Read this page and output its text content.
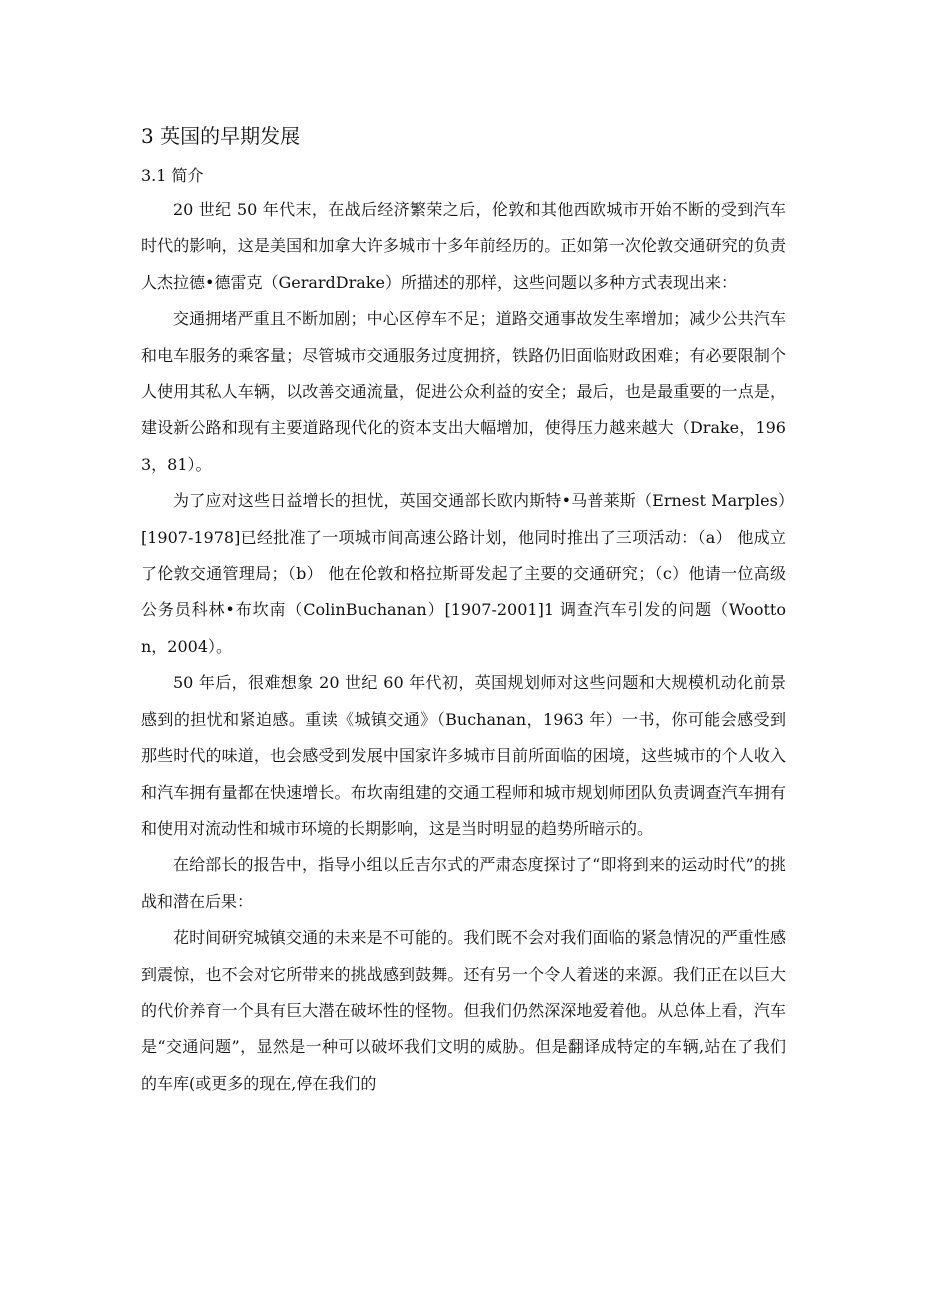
3 英国的早期发展
3.1 简介

20 世纪 50 年代末，在战后经济繁荣之后，伦敦和其他西欧城市开始不断的受到汽车时代的影响，这是美国和加拿大许多城市十多年前经历的。正如第一次伦敦交通研究的负责人杰拉德•德雷克（GerardDrake）所描述的那样，这些问题以多种方式表现出来：

交通拥堵严重且不断加剧；中心区停车不足；道路交通事故发生率增加；减少公共汽车和电车服务的乘客量；尽管城市交通服务过度拥挤，铁路仍旧面临财政困难；有必要限制个人使用其私人车辆，以改善交通流量，促进公众利益的安全；最后，也是最重要的一点是，建设新公路和现有主要道路现代化的资本支出大幅增加，使得压力越来越大（Drake，1963，81）。

为了应对这些日益增长的担忧，英国交通部长欧内斯特•马普莱斯（Ernest Marples）[1907-1978]已经批准了一项城市间高速公路计划，他同时推出了三项活动：（a） 他成立了伦敦交通管理局；（b） 他在伦敦和格拉斯哥发起了主要的交通研究；（c）他请一位高级公务员科林•布坎南（ColinBuchanan）[1907-2001]1 调查汽车引发的问题（Wootton，2004）。

50 年后，很难想象 20 世纪 60 年代初，英国规划师对这些问题和大规模机动化前景感到的担忧和紧迫感。重读《城镇交通》（Buchanan，1963 年）一书，你可能会感受到那些时代的味道，也会感受到发展中国家许多城市目前所面临的困境，这些城市的个人收入和汽车拥有量都在快速增长。布坎南组建的交通工程师和城市规划师团队负责调查汽车拥有和使用对流动性和城市环境的长期影响，这是当时明显的趋势所暗示的。

在给部长的报告中，指导小组以丘吉尔式的严肃态度探讨了“即将到来的运动时代”的挑战和潜在后果：

花时间研究城镇交通的未来是不可能的。我们既不会对我们面临的紧急情况的严重性感到震惊，也不会对它所带来的挑战感到鼓舞。还有另一个令人着迷的来源。我们正在以巨大的代价养育一个具有巨大潜在破坏性的怪物。但我们仍然深深地爱着他。从总体上看，汽车是“交通问题”，显然是一种可以破坏我们文明的威胁。但是翻译成特定的车辆,站在了我们的车库(或更多的现在,停在我们的
